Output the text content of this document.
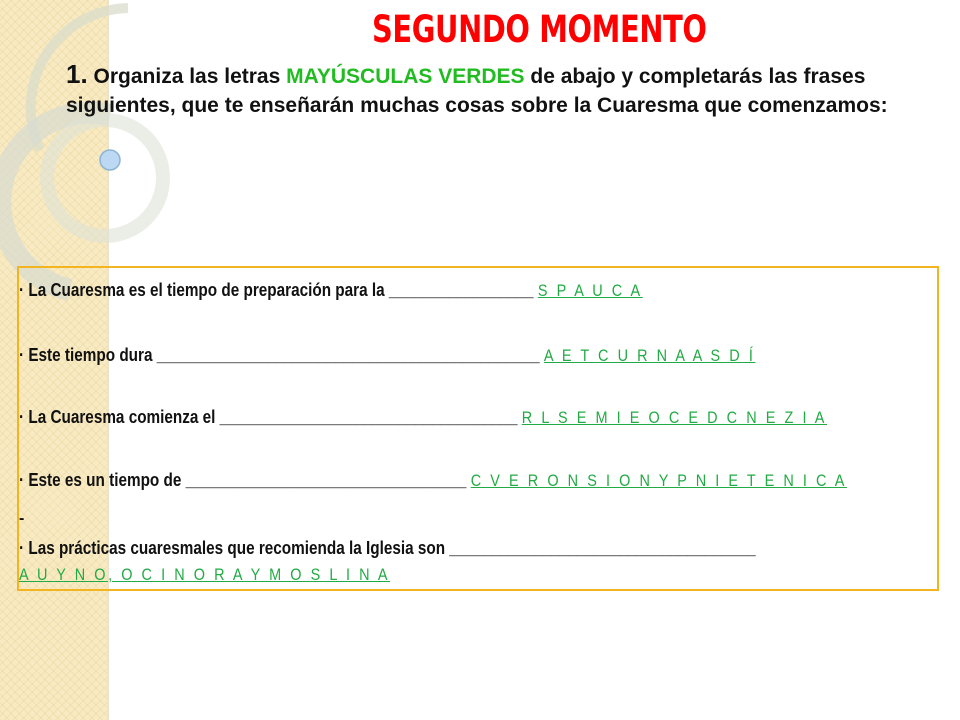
SEGUNDO MOMENTO
1. Organiza las letras MAYÚSCULAS VERDES de abajo y completarás las frases siguientes, que te enseñarán muchas cosas sobre la Cuaresma que comenzamos:
· La Cuaresma es el tiempo de preparación para la _________________ S P A U C A
· Este tiempo dura _____________________________________________ A E T C U R N A A S D Í
· La Cuaresma comienza el ___________________________________ R L S E M I E O C E D C N E Z I A
· Este es un tiempo de _________________________________ C V E R O N S I O N Y P N I E T E N I C A
-
· Las prácticas cuaresmales que recomienda la Iglesia son ____________________________________
A U Y N O, O C I N O R A Y M O S L I N A
